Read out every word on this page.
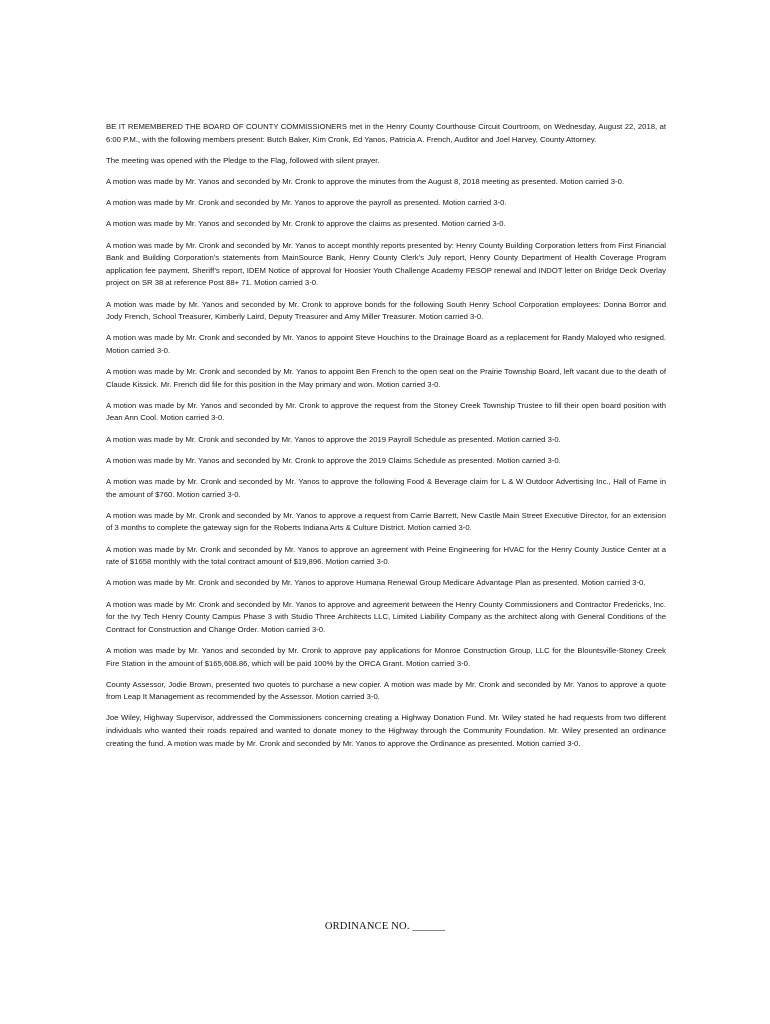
BE IT REMEMBERED THE BOARD OF COUNTY COMMISSIONERS met in the Henry County Courthouse Circuit Courtroom, on Wednesday, August 22, 2018, at 6:00 P.M., with the following members present: Butch Baker, Kim Cronk, Ed Yanos, Patricia A. French, Auditor and Joel Harvey, County Attorney.

The meeting was opened with the Pledge to the Flag, followed with silent prayer.

A motion was made by Mr. Yanos and seconded by Mr. Cronk to approve the minutes from the August 8, 2018 meeting as presented. Motion carried 3-0.

A motion was made by Mr. Cronk and seconded by Mr. Yanos to approve the payroll as presented. Motion carried 3-0.

A motion was made by Mr. Yanos and seconded by Mr. Cronk to approve the claims as presented. Motion carried 3-0.

A motion was made by Mr. Cronk and seconded by Mr. Yanos to accept monthly reports presented by: Henry County Building Corporation letters from First Financial Bank and Building Corporation’s statements from MainSource Bank, Henry County Clerk’s July report, Henry County Department of Health Coverage Program application fee payment, Sheriff’s report, IDEM Notice of approval for Hoosier Youth Challenge Academy FESOP renewal and INDOT letter on Bridge Deck Overlay project on SR 38 at reference Post 88+ 71. Motion carried 3-0.

A motion was made by Mr. Yanos and seconded by Mr. Cronk to approve bonds for the following South Henry School Corporation employees: Donna Borror and Jody French, School Treasurer, Kimberly Laird, Deputy Treasurer and Amy Miller Treasurer. Motion carried 3-0.

A motion was made by Mr. Cronk and seconded by Mr. Yanos to appoint Steve Houchins to the Drainage Board as a replacement for Randy Maloyed who resigned. Motion carried 3-0.

A motion was made by Mr. Cronk and seconded by Mr. Yanos to appoint Ben French to the open seat on the Prairie Township Board, left vacant due to the death of Claude Kissick. Mr. French did file for this position in the May primary and won. Motion carried 3-0.

A motion was made by Mr. Yanos and seconded by Mr. Cronk to approve the request from the Stoney Creek Township Trustee to fill their open board position with Jean Ann Cool. Motion carried 3-0.

A motion was made by Mr. Cronk and seconded by Mr. Yanos to approve the 2019 Payroll Schedule as presented. Motion carried 3-0.

A motion was made by Mr. Yanos and seconded by Mr. Cronk to approve the 2019 Claims Schedule as presented. Motion carried 3-0.

A motion was made by Mr. Cronk and seconded by Mr. Yanos to approve the following Food & Beverage claim for L & W Outdoor Advertising Inc., Hall of Fame in the amount of $760. Motion carried 3-0.

A motion was made by Mr. Cronk and seconded by Mr. Yanos to approve a request from Carrie Barrett, New Castle Main Street Executive Director, for an extension of 3 months to complete the gateway sign for the Roberts Indiana Arts & Culture District. Motion carried 3-0.

A motion was made by Mr. Cronk and seconded by Mr. Yanos to approve an agreement with Peine Engineering for HVAC for the Henry County Justice Center at a rate of $1658 monthly with the total contract amount of $19,896. Motion carried 3-0.

A motion was made by Mr. Cronk and seconded by Mr. Yanos to approve Humana Renewal Group Medicare Advantage Plan as presented. Motion carried 3-0.

A motion was made by Mr. Cronk and seconded by Mr. Yanos to approve and agreement between the Henry County Commissioners and Contractor Fredericks, Inc. for the Ivy Tech Henry County Campus Phase 3 with Studio Three Architects LLC, Limited Liability Company as the architect along with General Conditions of the Contract for Construction and Change Order. Motion carried 3-0.

A motion was made by Mr. Yanos and seconded by Mr. Cronk to approve pay applications for Monroe Construction Group, LLC for the Blountsville-Stoney Creek Fire Station in the amount of $165,608.86, which will be paid 100% by the ORCA Grant. Motion carried 3-0.

County Assessor, Jodie Brown, presented two quotes to purchase a new copier. A motion was made by Mr. Cronk and seconded by Mr. Yanos to approve a quote from Leap It Management as recommended by the Assessor. Motion carried 3-0.

Joe Wiley, Highway Supervisor, addressed the Commissioners concerning creating a Highway Donation Fund. Mr. Wiley stated he had requests from two different individuals who wanted their roads repaired and wanted to donate money to the Highway through the Community Foundation. Mr. Wiley presented an ordinance creating the fund. A motion was made by Mr. Cronk and seconded by Mr. Yanos to approve the Ordinance as presented. Motion carried 3-0.

ORDINANCE NO. ______
